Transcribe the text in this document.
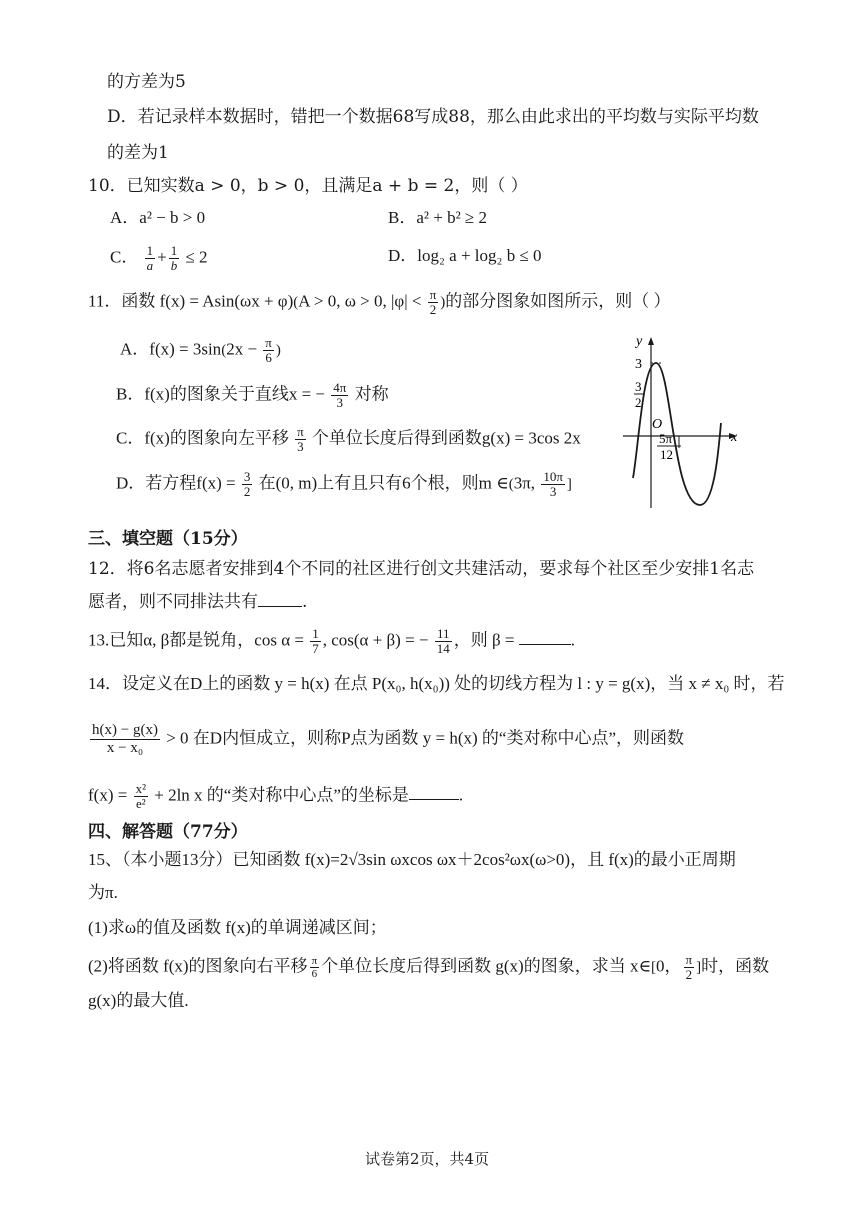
的方差为5
D．若记录样本数据时，错把一个数据68写成88，那么由此求出的平均数与实际平均数
的差为1
10．已知实数a > 0，b > 0，且满足a + b = 2，则（ ）
A．a² − b > 0	B．a² + b² ≥ 2
C． $\frac{1}{a} + \frac{1}{b} \le 2$	D．log₂ a + log₂ b ≤ 0
11．函数 f(x) = Asin(ωx + φ)(A > 0, ω > 0, $|\varphi| < \frac{\pi}{2}$ )的部分图象如图所示，则（ ）
A．$f(x) = 3\sin(2x - \frac{\pi}{6}$ )
B．f(x)的图象关于直线x = − $\frac{4\pi}{3}$ 对称
C．f(x)的图象向左平移 $\frac{\pi}{3}$ 个单位长度后得到函数g(x) = 3cos 2x
D．若方程$f(x) = \frac{3}{2}$ 在(0, m)上有且只有6个根，则m ∈(3π, $\frac{10\pi}{3}$ ]
y
x
O
3
3
2
5π
12
三、填空题（15分）
12．将6名志愿者安排到4个不同的社区进行创文共建活动，要求每个社区至少安排1名志
愿者，则不同排法共有	.
13.已知α, β都是锐角，$\cos \alpha = \frac{1}{7}$ , cos(α + β) = − $\frac{11}{14}$ ，则 β =	.
14．设定义在D上的函数 y = h(x) 在点 P(x₀, h(x₀)) 处的切线方程为 l : y = g(x)，当 x ≠ x₀ 时，若
$\frac{h(x) - g(x)}{\text{x − x₀}} > 0$ 在D内恒成立，则称P点为函数 y = h(x) 的“类对称中心点”，则函数
$f(x) = \frac{\text{x²}}{\text{e²}} + 2\ln$ x 的“类对称中心点”的坐标是	.
四、解答题（77分）
15、（本小题13分）已知函数 f(x)=2√3sin ωxcos ωx＋2cos²ωx(ω>0)，且 f(x)的最小正周期
为π.
(1)求ω的值及函数 f(x)的单调递减区间；
(2)将函数 f(x)的图象向右平移 $\frac{\pi}{6}$ 个单位长度后得到函数 g(x)的图象，求当 x∈[0， $\frac{\pi}{2}$ ]时，函数
g(x)的最大值.
试卷第2页，共4页
